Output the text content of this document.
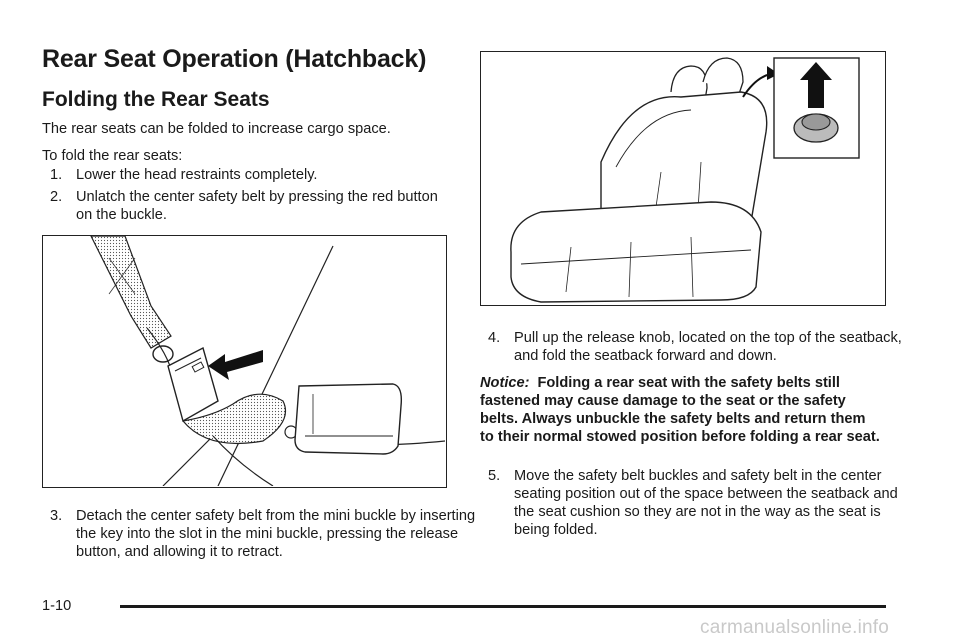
Rear Seat Operation (Hatchback)
Folding the Rear Seats

The rear seats can be folded to increase cargo space.

To fold the rear seats:

1. Lower the head restraints completely.
2. Unlatch the center safety belt by pressing the red button on the buckle.
3. Detach the center safety belt from the mini buckle by inserting the key into the slot in the mini buckle, pressing the release button, and allowing it to retract.
4. Pull up the release knob, located on the top of the seatback, and fold the seatback forward and down.

Notice: Folding a rear seat with the safety belts still fastened may cause damage to the seat or the safety belts. Always unbuckle the safety belts and return them to their normal stowed position before folding a rear seat.

5. Move the safety belt buckles and safety belt in the center seating position out of the space between the seatback and the seat cushion so they are not in the way as the seat is being folded.
1-10
carmanualsonline.info
